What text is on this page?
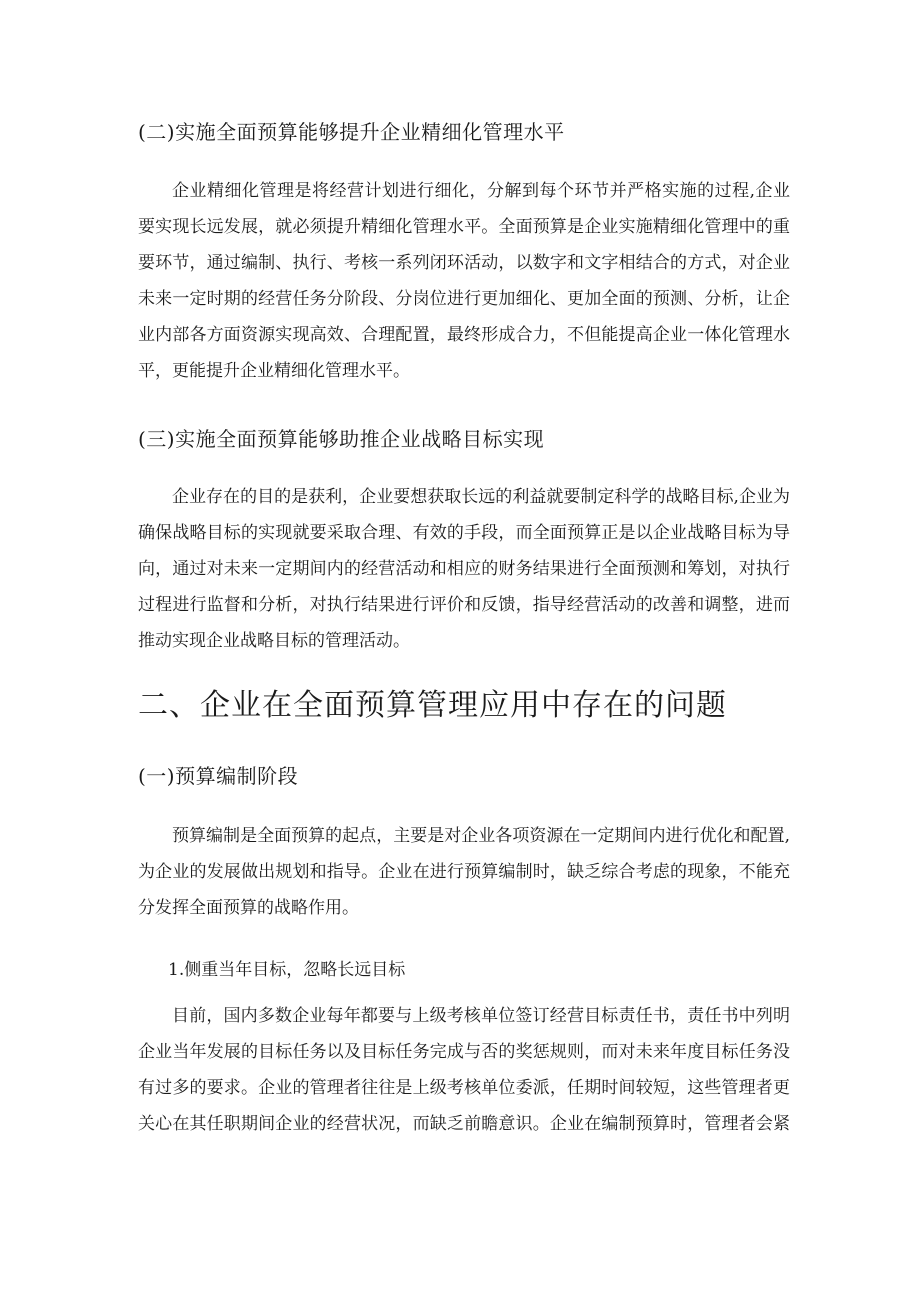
(二)实施全面预算能够提升企业精细化管理水平
企业精细化管理是将经营计划进行细化，分解到每个环节并严格实施的过程,企业
要实现长远发展，就必须提升精细化管理水平。全面预算是企业实施精细化管理中的重
要环节，通过编制、执行、考核一系列闭环活动，以数字和文字相结合的方式，对企业
未来一定时期的经营任务分阶段、分岗位进行更加细化、更加全面的预测、分析，让企
业内部各方面资源实现高效、合理配置，最终形成合力，不但能提高企业一体化管理水
平，更能提升企业精细化管理水平。
(三)实施全面预算能够助推企业战略目标实现
企业存在的目的是获利，企业要想获取长远的利益就要制定科学的战略目标,企业为
确保战略目标的实现就要采取合理、有效的手段，而全面预算正是以企业战略目标为导
向，通过对未来一定期间内的经营活动和相应的财务结果进行全面预测和筹划，对执行
过程进行监督和分析，对执行结果进行评价和反馈，指导经营活动的改善和调整，进而
推动实现企业战略目标的管理活动。
二、企业在全面预算管理应用中存在的问题
(一)预算编制阶段
预算编制是全面预算的起点，主要是对企业各项资源在一定期间内进行优化和配置,
为企业的发展做出规划和指导。企业在进行预算编制时，缺乏综合考虑的现象，不能充
分发挥全面预算的战略作用。
1.侧重当年目标，忽略长远目标
目前，国内多数企业每年都要与上级考核单位签订经营目标责任书，责任书中列明
企业当年发展的目标任务以及目标任务完成与否的奖惩规则，而对未来年度目标任务没
有过多的要求。企业的管理者往往是上级考核单位委派，任期时间较短，这些管理者更
关心在其任职期间企业的经营状况，而缺乏前瞻意识。企业在编制预算时，管理者会紧
